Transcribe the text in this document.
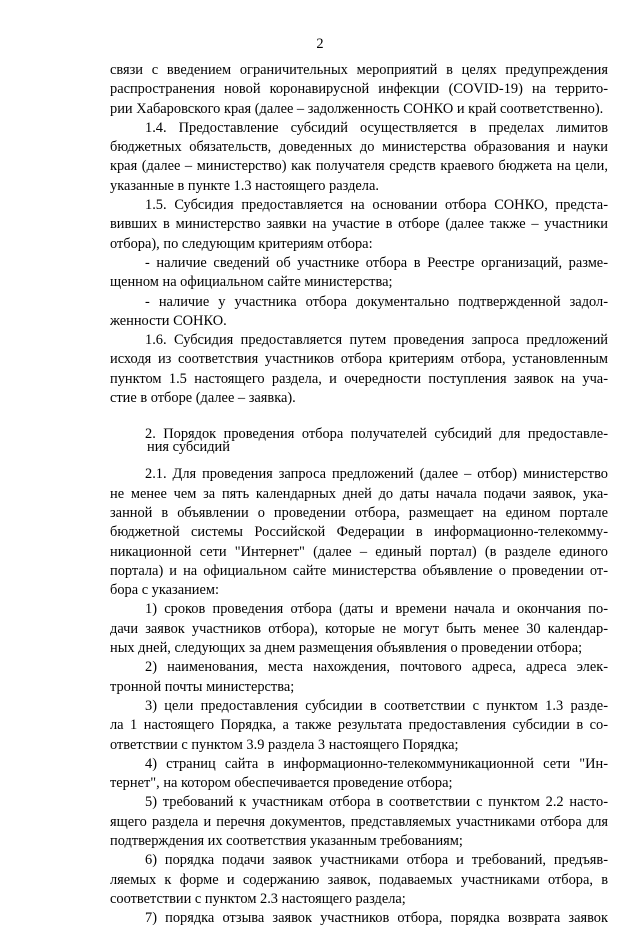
2

связи с введением ограничительных мероприятий в целях предупреждения

распространения новой коронавирусной инфекции (COVID-19) на террито-

рии Хабаровского края (далее – задолженность СОНКО и край соответственно).

1.4. Предоставление субсидий осуществляется в пределах лимитов

бюджетных обязательств, доведенных до министерства образования и науки

края (далее – министерство) как получателя средств краевого бюджета на цели,

указанные в пункте 1.3 настоящего раздела.

1.5. Субсидия предоставляется на основании отбора СОНКО, предста-

вивших в министерство заявки на участие в отборе (далее также – участники

отбора), по следующим критериям отбора:

- наличие сведений об участнике отбора в Реестре организаций, разме-

щенном на официальном сайте министерства;

- наличие у участника отбора документально подтвержденной задол-

женности СОНКО.

1.6. Субсидия предоставляется путем проведения запроса предложений

исходя из соответствия участников отбора критериям отбора, установленным

пунктом 1.5 настоящего раздела, и очередности поступления заявок на уча-

стие в отборе (далее – заявка).

2. Порядок проведения отбора получателей субсидий для предоставле-

ния субсидий

2.1. Для проведения запроса предложений (далее – отбор) министерство

не менее чем за пять календарных дней до даты начала подачи заявок, ука-

занной в объявлении о проведении отбора, размещает на едином портале

бюджетной системы Российской Федерации в информационно-телекомму-

никационной сети "Интернет" (далее – единый портал) (в разделе единого

портала) и на официальном сайте министерства объявление о проведении от-

бора с указанием:

1) сроков проведения отбора (даты и времени начала и окончания по-

дачи заявок участников отбора), которые не могут быть менее 30 календар-

ных дней, следующих за днем размещения объявления о проведении отбора;

2) наименования, места нахождения, почтового адреса, адреса элек-

тронной почты министерства;

3) цели предоставления субсидии в соответствии с пунктом 1.3 разде-

ла 1 настоящего Порядка, а также результата предоставления субсидии в со-

ответствии с пунктом 3.9 раздела 3 настоящего Порядка;

4) страниц сайта в информационно-телекоммуникационной сети "Ин-

тернет", на котором обеспечивается проведение отбора;

5) требований к участникам отбора в соответствии с пунктом 2.2 насто-

ящего раздела и перечня документов, представляемых участниками отбора для

подтверждения их соответствия указанным требованиям;

6) порядка подачи заявок участниками отбора и требований, предъяв-

ляемых к форме и содержанию заявок, подаваемых участниками отбора, в

соответствии с пунктом 2.3 настоящего раздела;

7) порядка отзыва заявок участников отбора, порядка возврата заявок
